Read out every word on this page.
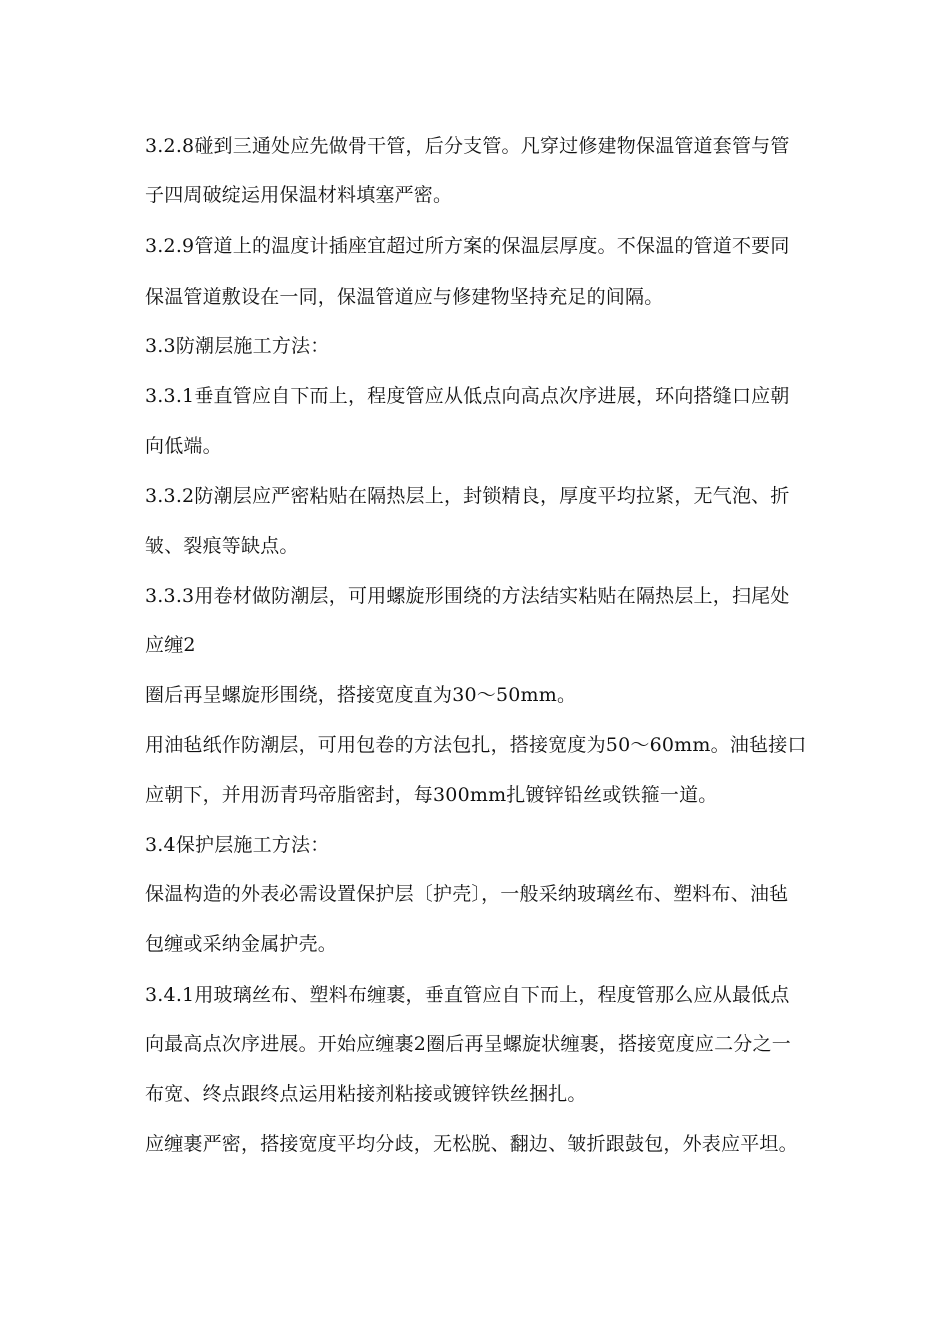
3.2.8碰到三通处应先做骨干管，后分支管。凡穿过修建物保温管道套管与管
子四周破绽运用保温材料填塞严密。
3.2.9管道上的温度计插座宜超过所方案的保温层厚度。不保温的管道不要同
保温管道敷设在一同，保温管道应与修建物坚持充足的间隔。
3.3防潮层施工方法：
3.3.1垂直管应自下而上，程度管应从低点向高点次序进展，环向搭缝口应朝
向低端。
3.3.2防潮层应严密粘贴在隔热层上，封锁精良，厚度平均拉紧，无气泡、折
皱、裂痕等缺点。
3.3.3用卷材做防潮层，可用螺旋形围绕的方法结实粘贴在隔热层上，扫尾处
应缠2
圈后再呈螺旋形围绕，搭接宽度直为30～50mm。
用油毡纸作防潮层，可用包卷的方法包扎，搭接宽度为50～60mm。油毡接口
应朝下，并用沥青玛帝脂密封，每300mm扎镀锌铅丝或铁箍一道。
3.4保护层施工方法：
保温构造的外表必需设置保护层〔护壳〕，一般采纳玻璃丝布、塑料布、油毡
包缠或采纳金属护壳。
3.4.1用玻璃丝布、塑料布缠裹，垂直管应自下而上，程度管那么应从最低点
向最高点次序进展。开始应缠裹2圈后再呈螺旋状缠裹，搭接宽度应二分之一
布宽、终点跟终点运用粘接剂粘接或镀锌铁丝捆扎。
应缠裹严密，搭接宽度平均分歧，无松脱、翻边、皱折跟鼓包，外表应平坦。
